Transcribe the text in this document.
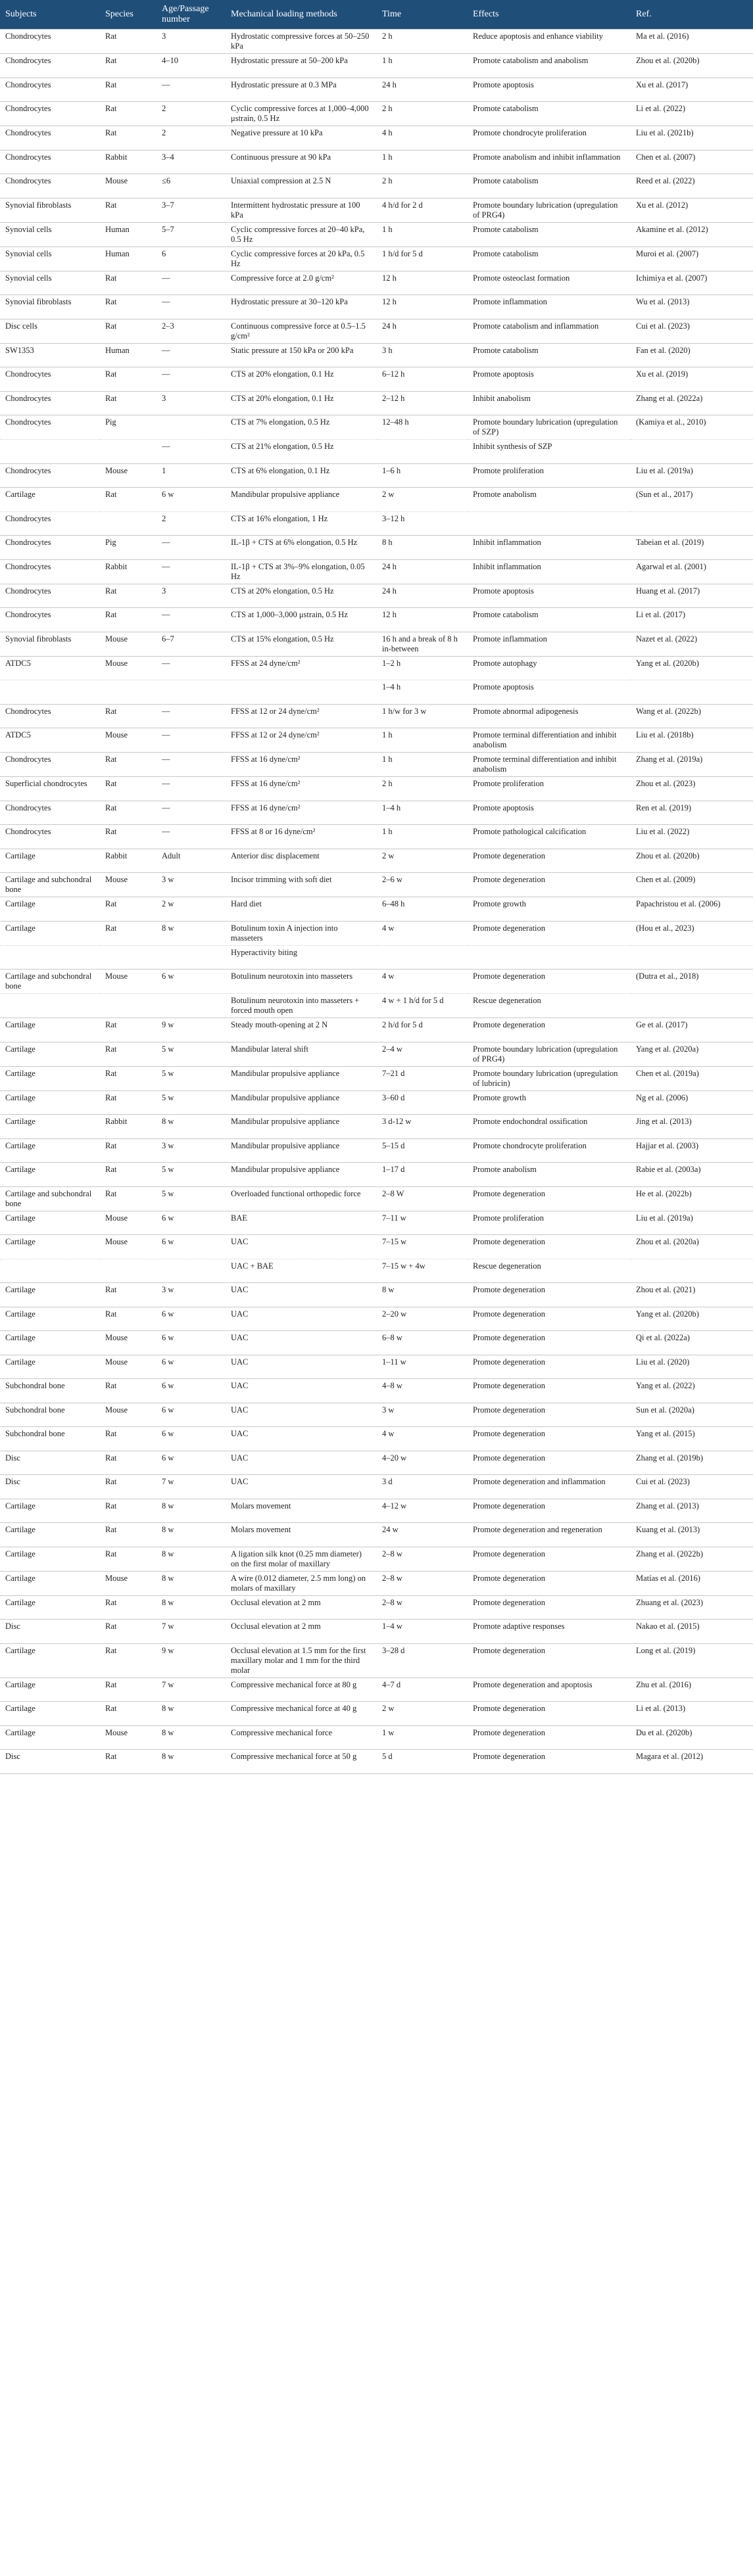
Subjects	Species	Age/Passage number	Mechanical loading methods	Time	Effects	Ref.
Chondrocytes	Rat	3	Hydrostatic compressive forces at 50–250 kPa	2 h	Reduce apoptosis and enhance viability	Ma et al. (2016)
Chondrocytes	Rat	4–10	Hydrostatic pressure at 50–200 kPa	1 h	Promote catabolism and anabolism	Zhou et al. (2020b)
Chondrocytes	Rat	—	Hydrostatic pressure at 0.3 MPa	24 h	Promote apoptosis	Xu et al. (2017)
Chondrocytes	Rat	2	Cyclic compressive forces at 1,000–4,000 μstrain, 0.5 Hz	2 h	Promote catabolism	Li et al. (2022)
Chondrocytes	Rat	2	Negative pressure at 10 kPa	4 h	Promote chondrocyte proliferation	Liu et al. (2021b)
Chondrocytes	Rabbit	3–4	Continuous pressure at 90 kPa	1 h	Promote anabolism and inhibit inflammation	Chen et al. (2007)
Chondrocytes	Mouse	≤6	Uniaxial compression at 2.5 N	2 h	Promote catabolism	Reed et al. (2022)
Synovial fibroblasts	Rat	3–7	Intermittent hydrostatic pressure at 100 kPa	4 h/d for 2 d	Promote boundary lubrication (upregulation of PRG4)	Xu et al. (2012)
Synovial cells	Human	5–7	Cyclic compressive forces at 20–40 kPa, 0.5 Hz	1 h	Promote catabolism	Akamine et al. (2012)
Synovial cells	Human	6	Cyclic compressive forces at 20 kPa, 0.5 Hz	1 h/d for 5 d	Promote catabolism	Muroi et al. (2007)
Synovial cells	Rat	—	Compressive force at 2.0 g/cm²	12 h	Promote osteoclast formation	Ichimiya et al. (2007)
Synovial fibroblasts	Rat	—	Hydrostatic pressure at 30–120 kPa	12 h	Promote inflammation	Wu et al. (2013)
Disc cells	Rat	2–3	Continuous compressive force at 0.5–1.5 g/cm²	24 h	Promote catabolism and inflammation	Cui et al. (2023)
SW1353	Human	—	Static pressure at 150 kPa or 200 kPa	3 h	Promote catabolism	Fan et al. (2020)
Chondrocytes	Rat	—	CTS at 20% elongation, 0.1 Hz	6–12 h	Promote apoptosis	Xu et al. (2019)
Chondrocytes	Rat	3	CTS at 20% elongation, 0.1 Hz	2–12 h	Inhibit anabolism	Zhang et al. (2022a)
Chondrocytes	Pig		CTS at 7% elongation, 0.5 Hz	12–48 h	Promote boundary lubrication (upregulation of SZP)	(Kamiya et al., 2010)
		—	CTS at 21% elongation, 0.5 Hz		Inhibit synthesis of SZP	
Chondrocytes	Mouse	1	CTS at 6% elongation, 0.1 Hz	1–6 h	Promote proliferation	Liu et al. (2019a)
Cartilage	Rat	6 w	Mandibular propulsive appliance	2 w	Promote anabolism	(Sun et al., 2017)
Chondrocytes		2	CTS at 16% elongation, 1 Hz	3–12 h		
Chondrocytes	Pig	—	IL-1β + CTS at 6% elongation, 0.5 Hz	8 h	Inhibit inflammation	Tabeian et al. (2019)
Chondrocytes	Rabbit	—	IL-1β + CTS at 3%–9% elongation, 0.05 Hz	24 h	Inhibit inflammation	Agarwal et al. (2001)
Chondrocytes	Rat	3	CTS at 20% elongation, 0.5 Hz	24 h	Promote apoptosis	Huang et al. (2017)
Chondrocytes	Rat	—	CTS at 1,000–3,000 μstrain, 0.5 Hz	12 h	Promote catabolism	Li et al. (2017)
Synovial fibroblasts	Mouse	6–7	CTS at 15% elongation, 0.5 Hz	16 h and a break of 8 h in-between	Promote inflammation	Nazet et al. (2022)
ATDC5	Mouse	—	FFSS at 24 dyne/cm²	1–2 h	Promote autophagy	Yang et al. (2020b)
				1–4 h	Promote apoptosis	
Chondrocytes	Rat	—	FFSS at 12 or 24 dyne/cm²	1 h/w for 3 w	Promote abnormal adipogenesis	Wang et al. (2022b)
ATDC5	Mouse	—	FFSS at 12 or 24 dyne/cm²	1 h	Promote terminal differentiation and inhibit anabolism	Liu et al. (2018b)
Chondrocytes	Rat	—	FFSS at 16 dyne/cm²	1 h	Promote terminal differentiation and inhibit anabolism	Zhang et al. (2019a)
Superficial chondrocytes	Rat	—	FFSS at 16 dyne/cm²	2 h	Promote proliferation	Zhou et al. (2023)
Chondrocytes	Rat	—	FFSS at 16 dyne/cm²	1–4 h	Promote apoptosis	Ren et al. (2019)
Chondrocytes	Rat	—	FFSS at 8 or 16 dyne/cm²	1 h	Promote pathological calcification	Liu et al. (2022)
Cartilage	Rabbit	Adult	Anterior disc displacement	2 w	Promote degeneration	Zhou et al. (2020b)
Cartilage and subchondral bone	Mouse	3 w	Incisor trimming with soft diet	2–6 w	Promote degeneration	Chen et al. (2009)
Cartilage	Rat	2 w	Hard diet	6–48 h	Promote growth	Papachristou et al. (2006)
Cartilage	Rat	8 w	Botulinum toxin A injection into masseters	4 w	Promote degeneration	(Hou et al., 2023)
			Hyperactivity biting			
Cartilage and subchondral bone	Mouse	6 w	Botulinum neurotoxin into masseters	4 w	Promote degeneration	(Dutra et al., 2018)
			Botulinum neurotoxin into masseters + forced mouth open	4 w + 1 h/d for 5 d	Rescue degeneration	
Cartilage	Rat	9 w	Steady mouth-opening at 2 N	2 h/d for 5 d	Promote degeneration	Ge et al. (2017)
Cartilage	Rat	5 w	Mandibular lateral shift	2–4 w	Promote boundary lubrication (upregulation of PRG4)	Yang et al. (2020a)
Cartilage	Rat	5 w	Mandibular propulsive appliance	7–21 d	Promote boundary lubrication (upregulation of lubricin)	Chen et al. (2019a)
Cartilage	Rat	5 w	Mandibular propulsive appliance	3–60 d	Promote growth	Ng et al. (2006)
Cartilage	Rabbit	8 w	Mandibular propulsive appliance	3 d-12 w	Promote endochondral ossification	Jing et al. (2013)
Cartilage	Rat	3 w	Mandibular propulsive appliance	5–15 d	Promote chondrocyte proliferation	Hajjar et al. (2003)
Cartilage	Rat	5 w	Mandibular propulsive appliance	1–17 d	Promote anabolism	Rabie et al. (2003a)
Cartilage and subchondral bone	Rat	5 w	Overloaded functional orthopedic force	2–8 W	Promote degeneration	He et al. (2022b)
Cartilage	Mouse	6 w	BAE	7–11 w	Promote proliferation	Liu et al. (2019a)
Cartilage	Mouse	6 w	UAC	7–15 w	Promote degeneration	Zhou et al. (2020a)
			UAC + BAE	7–15 w + 4w	Rescue degeneration	
Cartilage	Rat	3 w	UAC	8 w	Promote degeneration	Zhou et al. (2021)
Cartilage	Rat	6 w	UAC	2–20 w	Promote degeneration	Yang et al. (2020b)
Cartilage	Mouse	6 w	UAC	6–8 w	Promote degeneration	Qi et al. (2022a)
Cartilage	Mouse	6 w	UAC	1–11 w	Promote degeneration	Liu et al. (2020)
Subchondral bone	Rat	6 w	UAC	4–8 w	Promote degeneration	Yang et al. (2022)
Subchondral bone	Mouse	6 w	UAC	3 w	Promote degeneration	Sun et al. (2020a)
Subchondral bone	Rat	6 w	UAC	4 w	Promote degeneration	Yang et al. (2015)
Disc	Rat	6 w	UAC	4–20 w	Promote degeneration	Zhang et al. (2019b)
Disc	Rat	7 w	UAC	3 d	Promote degeneration and inflammation	Cui et al. (2023)
Cartilage	Rat	8 w	Molars movement	4–12 w	Promote degeneration	Zhang et al. (2013)
Cartilage	Rat	8 w	Molars movement	24 w	Promote degeneration and regeneration	Kuang et al. (2013)
Cartilage	Rat	8 w	A ligation silk knot (0.25 mm diameter) on the first molar of maxillary	2–8 w	Promote degeneration	Zhang et al. (2022b)
Cartilage	Mouse	8 w	A wire (0.012 diameter, 2.5 mm long) on molars of maxillary	2–8 w	Promote degeneration	Matías et al. (2016)
Cartilage	Rat	8 w	Occlusal elevation at 2 mm	2–8 w	Promote degeneration	Zhuang et al. (2023)
Disc	Rat	7 w	Occlusal elevation at 2 mm	1–4 w	Promote adaptive responses	Nakao et al. (2015)
Cartilage	Rat	9 w	Occlusal elevation at 1.5 mm for the first maxillary molar and 1 mm for the third molar	3–28 d	Promote degeneration	Long et al. (2019)
Cartilage	Rat	7 w	Compressive mechanical force at 80 g	4–7 d	Promote degeneration and apoptosis	Zhu et al. (2016)
Cartilage	Rat	8 w	Compressive mechanical force at 40 g	2 w	Promote degeneration	Li et al. (2013)
Cartilage	Mouse	8 w	Compressive mechanical force	1 w	Promote degeneration	Du et al. (2020b)
Disc	Rat	8 w	Compressive mechanical force at 50 g	5 d	Promote degeneration	Magara et al. (2012)
